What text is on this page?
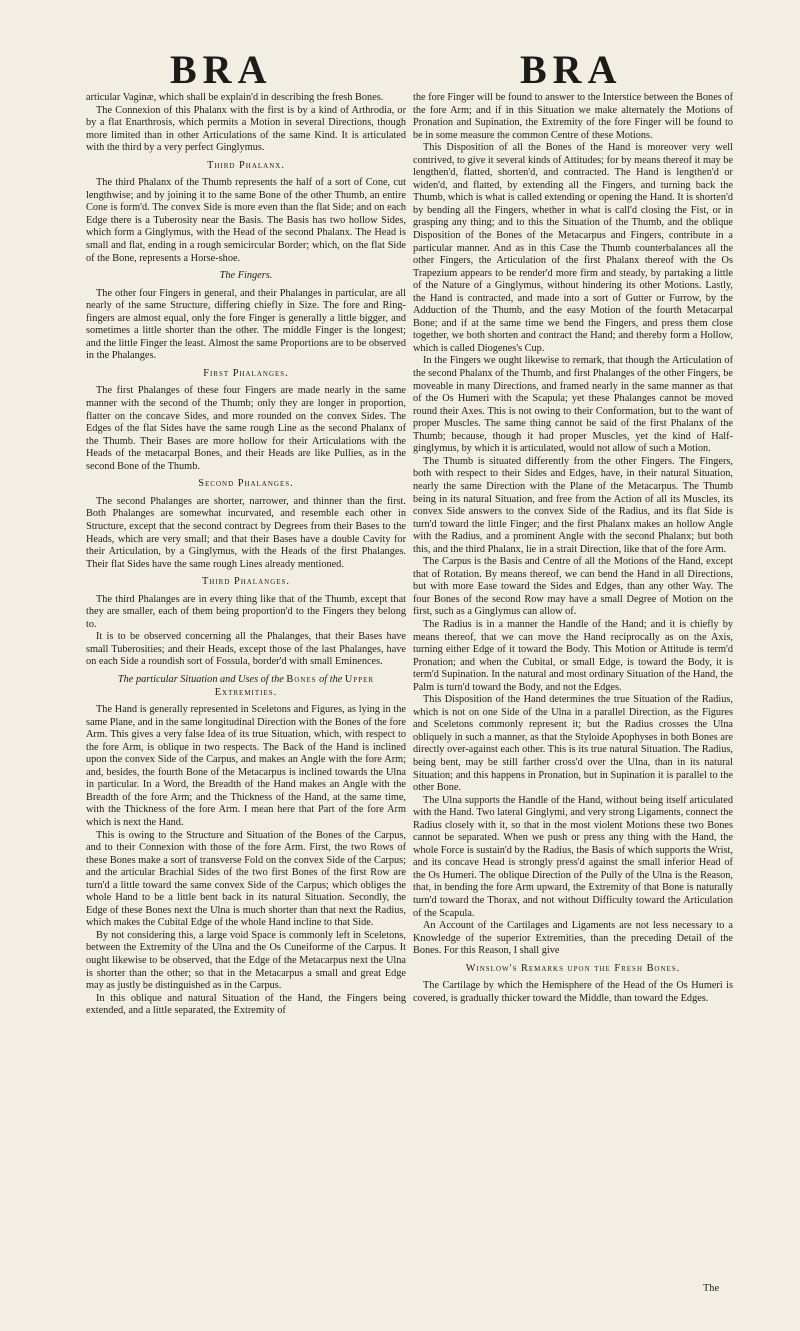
BRA	BRA

articular Vaginæ, which shall be explain'd in describing the fresh Bones.

The Connexion of this Phalanx with the first is by a kind of Arthrodia, or by a flat Enarthrosis, which permits a Motion in several Directions, though more limited than in other Articulations of the same Kind. It is articulated with the third by a very perfect Ginglymus.

Third Phalanx.

The third Phalanx of the Thumb represents the half of a sort of Cone, cut lengthwise; and by joining it to the same Bone of the other Thumb, an entire Cone is form'd. The convex Side is more even than the flat Side; and on each Edge there is a Tuberosity near the Basis. The Basis has two hollow Sides, which form a Ginglymus, with the Head of the second Phalanx. The Head is small and flat, ending in a rough semicircular Border; which, on the flat Side of the Bone, represents a Horse-shoe.

The Fingers.

The other four Fingers in general, and their Phalanges in particular, are all nearly of the same Structure, differing chiefly in Size. The fore and Ring-fingers are almost equal, only the fore Finger is generally a little bigger, and sometimes a little shorter than the other. The middle Finger is the longest; and the little Finger the least. Almost the same Proportions are to be observed in the Phalanges.

First Phalanges.

The first Phalanges of these four Fingers are made nearly in the same manner with the second of the Thumb; only they are longer in proportion, flatter on the concave Sides, and more rounded on the convex Sides. The Edges of the flat Sides have the same rough Line as the second Phalanx of the Thumb. Their Bases are more hollow for their Articulations with the Heads of the metacarpal Bones, and their Heads are like Pullies, as in the second Bone of the Thumb.

Second Phalanges.

The second Phalanges are shorter, narrower, and thinner than the first. Both Phalanges are somewhat incurvated, and resemble each other in Structure, except that the second contract by Degrees from their Bases to the Heads, which are very small; and that their Bases have a double Cavity for their Articulation, by a Ginglymus, with the Heads of the first Phalanges. Their flat Sides have the same rough Lines already mentioned.

Third Phalanges.

The third Phalanges are in every thing like that of the Thumb, except that they are smaller, each of them being proportion'd to the Fingers they belong to.

It is to be observed concerning all the Phalanges, that their Bases have small Tuberosities; and their Heads, except those of the last Phalanges, have on each Side a roundish sort of Fossula, border'd with small Eminences.

The particular Situation and Uses of the Bones of the Upper Extremities.

The Hand is generally represented in Sceletons and Figures, as lying in the same Plane, and in the same longitudinal Direction with the Bones of the fore Arm. This gives a very false Idea of its true Situation, which, with respect to the fore Arm, is oblique in two respects. The Back of the Hand is inclined upon the convex Side of the Carpus, and makes an Angle with the fore Arm; and, besides, the fourth Bone of the Metacarpus is inclined towards the Ulna in particular. In a Word, the Breadth of the Hand makes an Angle with the Breadth of the fore Arm; and the Thickness of the Hand, at the same time, with the Thickness of the fore Arm. I mean here that Part of the fore Arm which is next the Hand.

This is owing to the Structure and Situation of the Bones of the Carpus, and to their Connexion with those of the fore Arm. First, the two Rows of these Bones make a sort of transverse Fold on the convex Side of the Carpus; and the articular Brachial Sides of the two first Bones of the first Row are turn'd a little toward the same convex Side of the Carpus; which obliges the whole Hand to be a little bent back in its natural Situation. Secondly, the Edge of these Bones next the Ulna is much shorter than that next the Radius, which makes the Cubital Edge of the whole Hand incline to that Side.

By not considering this, a large void Space is commonly left in Sceletons, between the Extremity of the Ulna and the Os Cuneiforme of the Carpus. It ought likewise to be observed, that the Edge of the Metacarpus next the Ulna is shorter than the other; so that in the Metacarpus a small and great Edge may as justly be distinguished as in the Carpus.

In this oblique and natural Situation of the Hand, the Fingers being extended, and a little separated, the Extremity of

the fore Finger will be found to answer to the Interstice between the Bones of the fore Arm; and if in this Situation we make alternately the Motions of Pronation and Supination, the Extremity of the fore Finger will be found to be in some measure the common Centre of these Motions.

This Disposition of all the Bones of the Hand is moreover very well contrived, to give it several kinds of Attitudes; for by means thereof it may be lengthen'd, flatted, shorten'd, and contracted. The Hand is lengthen'd or widen'd, and flatted, by extending all the Fingers, and turning back the Thumb, which is what is called extending or opening the Hand. It is shorten'd by bending all the Fingers, whether in what is call'd closing the Fist, or in grasping any thing; and to this the Situation of the Thumb, and the oblique Disposition of the Bones of the Metacarpus and Fingers, contribute in a particular manner. And as in this Case the Thumb counterbalances all the other Fingers, the Articulation of the first Phalanx thereof with the Os Trapezium appears to be render'd more firm and steady, by partaking a little of the Nature of a Ginglymus, without hindering its other Motions. Lastly, the Hand is contracted, and made into a sort of Gutter or Furrow, by the Adduction of the Thumb, and the easy Motion of the fourth Metacarpal Bone; and if at the same time we bend the Fingers, and press them close together, we both shorten and contract the Hand; and thereby form a Hollow, which is called Diogenes's Cup.

In the Fingers we ought likewise to remark, that though the Articulation of the second Phalanx of the Thumb, and first Phalanges of the other Fingers, be moveable in many Directions, and framed nearly in the same manner as that of the Os Humeri with the Scapula; yet these Phalanges cannot be moved round their Axes. This is not owing to their Conformation, but to the want of proper Muscles. The same thing cannot be said of the first Phalanx of the Thumb; because, though it had proper Muscles, yet the kind of Half-ginglymus, by which it is articulated, would not allow of such a Motion.

The Thumb is situated differently from the other Fingers. The Fingers, both with respect to their Sides and Edges, have, in their natural Situation, nearly the same Direction with the Plane of the Metacarpus. The Thumb being in its natural Situation, and free from the Action of all its Muscles, its convex Side answers to the convex Side of the Radius, and its flat Side is turn'd toward the little Finger; and the first Phalanx makes an hollow Angle with the Radius, and a prominent Angle with the second Phalanx; but both this, and the third Phalanx, lie in a strait Direction, like that of the fore Arm.

The Carpus is the Basis and Centre of all the Motions of the Hand, except that of Rotation. By means thereof, we can bend the Hand in all Directions, but with more Ease toward the Sides and Edges, than any other Way. The four Bones of the second Row may have a small Degree of Motion on the first, such as a Ginglymus can allow of.

The Radius is in a manner the Handle of the Hand; and it is chiefly by means thereof, that we can move the Hand reciprocally as on the Axis, turning either Edge of it toward the Body. This Motion or Attitude is term'd Pronation; and when the Cubital, or small Edge, is toward the Body, it is term'd Supination. In the natural and most ordinary Situation of the Hand, the Palm is turn'd toward the Body, and not the Edges.

This Disposition of the Hand determines the true Situation of the Radius, which is not on one Side of the Ulna in a parallel Direction, as the Figures and Sceletons commonly represent it; but the Radius crosses the Ulna obliquely in such a manner, as that the Styloide Apophyses in both Bones are directly over-against each other. This is its true natural Situation. The Radius, being bent, may be still farther cross'd over the Ulna, than in its natural Situation; and this happens in Pronation, but in Supination it is parallel to the other Bone.

The Ulna supports the Handle of the Hand, without being itself articulated with the Hand. Two lateral Ginglymi, and very strong Ligaments, connect the Radius closely with it, so that in the most violent Motions these two Bones cannot be separated. When we push or press any thing with the Hand, the whole Force is sustain'd by the Radius, the Basis of which supports the Wrist, and its concave Head is strongly press'd against the small inferior Head of the Os Humeri. The oblique Direction of the Pully of the Ulna is the Reason, that, in bending the fore Arm upward, the Extremity of that Bone is naturally turn'd toward the Thorax, and not without Difficulty toward the Articulation of the Scapula.

An Account of the Cartilages and Ligaments are not less necessary to a Knowledge of the superior Extremities, than the preceding Detail of the Bones. For this Reason, I shall give

Winslow's Remarks upon the Fresh Bones.

The Cartilage by which the Hemisphere of the Head of the Os Humeri is covered, is gradually thicker toward the Middle, than toward the Edges.

The
